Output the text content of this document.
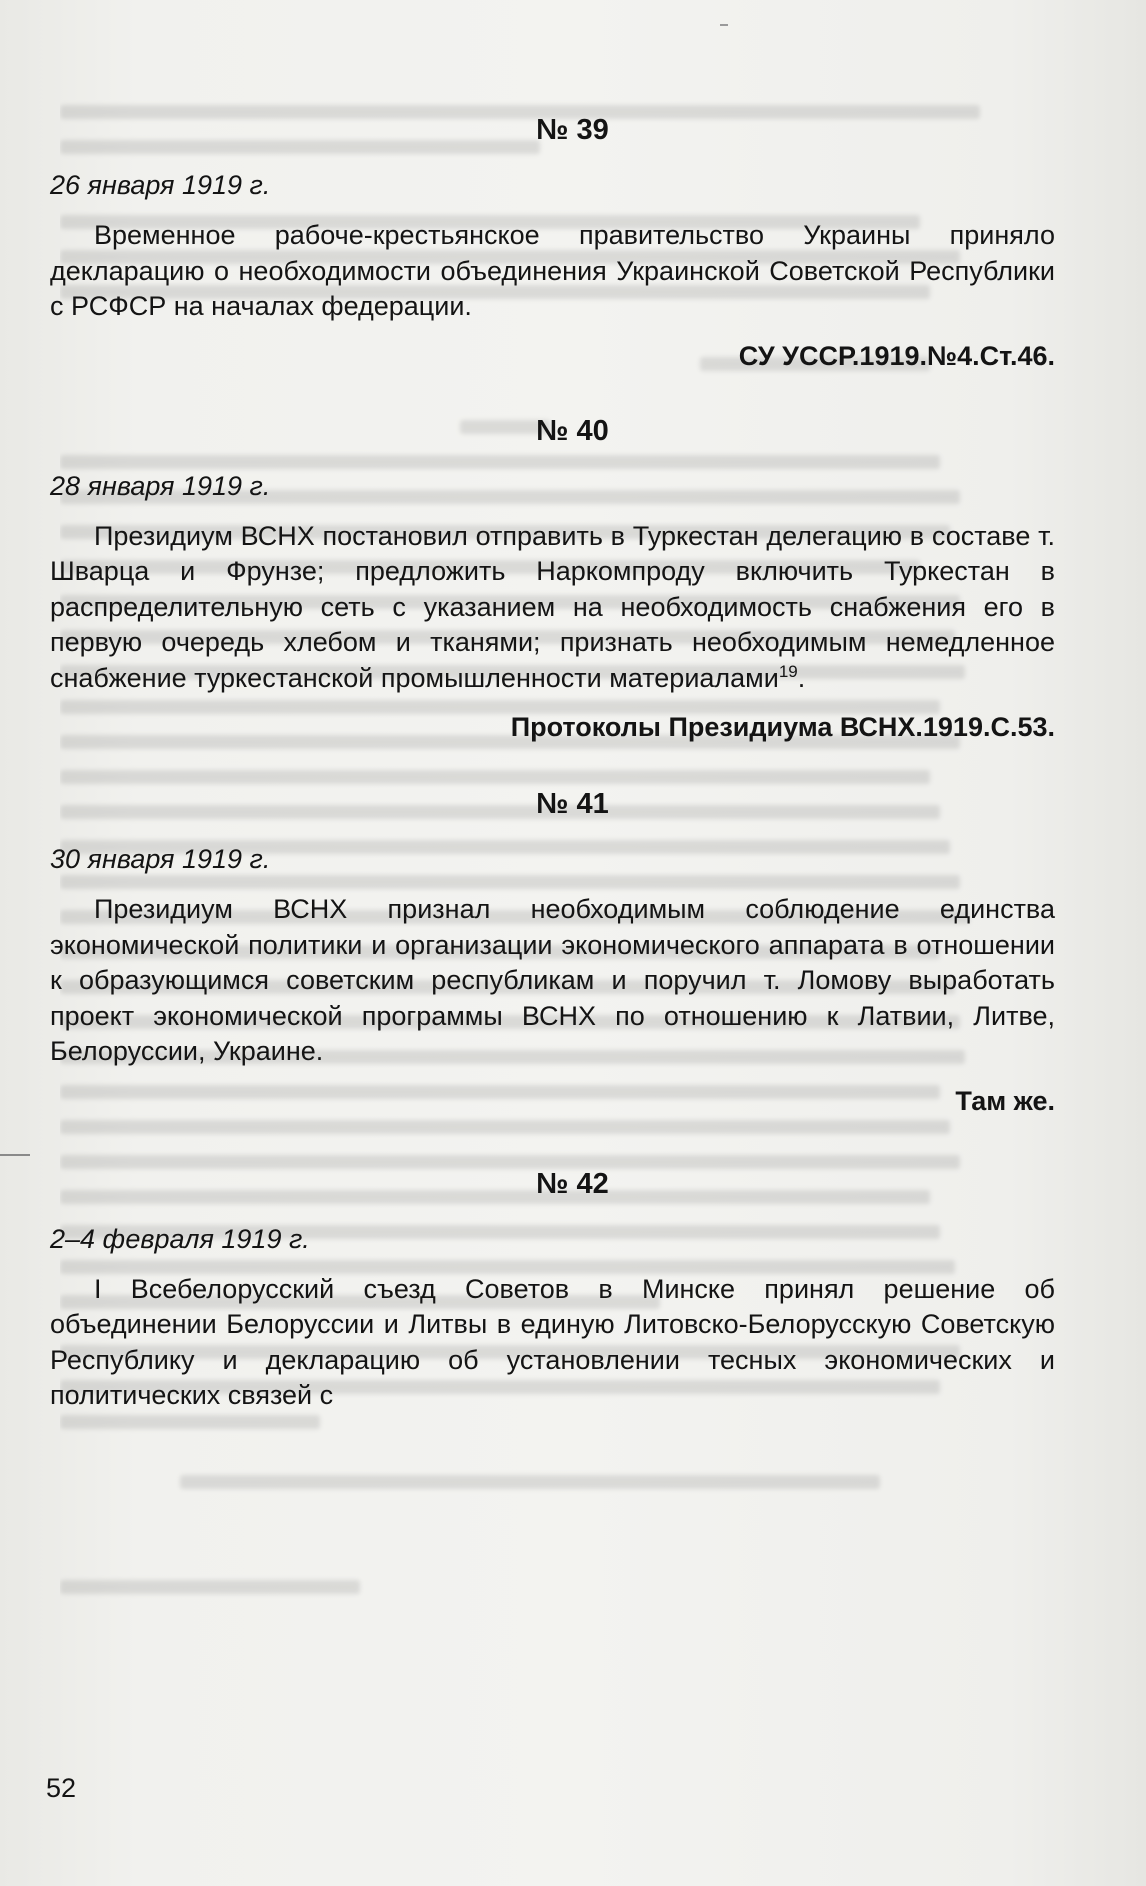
№ 39
26 января 1919 г.

Временное рабоче-крестьянское правительство Украины приняло декларацию о необходимости объединения Украинской Советской Республики с РСФСР на началах федерации.

СУ УССР.1919.№4.Ст.46.
№ 40
28 января 1919 г.

Президиум ВСНХ постановил отправить в Туркестан делегацию в составе т. Шварца и Фрунзе; предложить Наркомпроду включить Туркестан в распределительную сеть с указанием на необходимость снабжения его в первую очередь хлебом и тканями; признать необходимым немедленное снабжение туркестанской промышленности материалами$^{19}$.

Протоколы Президиума ВСНХ.1919.С.53.
№ 41
30 января 1919 г.

Президиум ВСНХ признал необходимым соблюдение единства экономической политики и организации экономического аппарата в отношении к образующимся советским республикам и поручил т. Ломову выработать проект экономической программы ВСНХ по отношению к Латвии, Литве, Белоруссии, Украине.

Там же.
№ 42
2–4 февраля 1919 г.

I Всебелорусский съезд Советов в Минске принял решение об объединении Белоруссии и Литвы в единую Литовско-Белорусскую Советскую Республику и декларацию об установлении тесных экономических и политических связей с

52
